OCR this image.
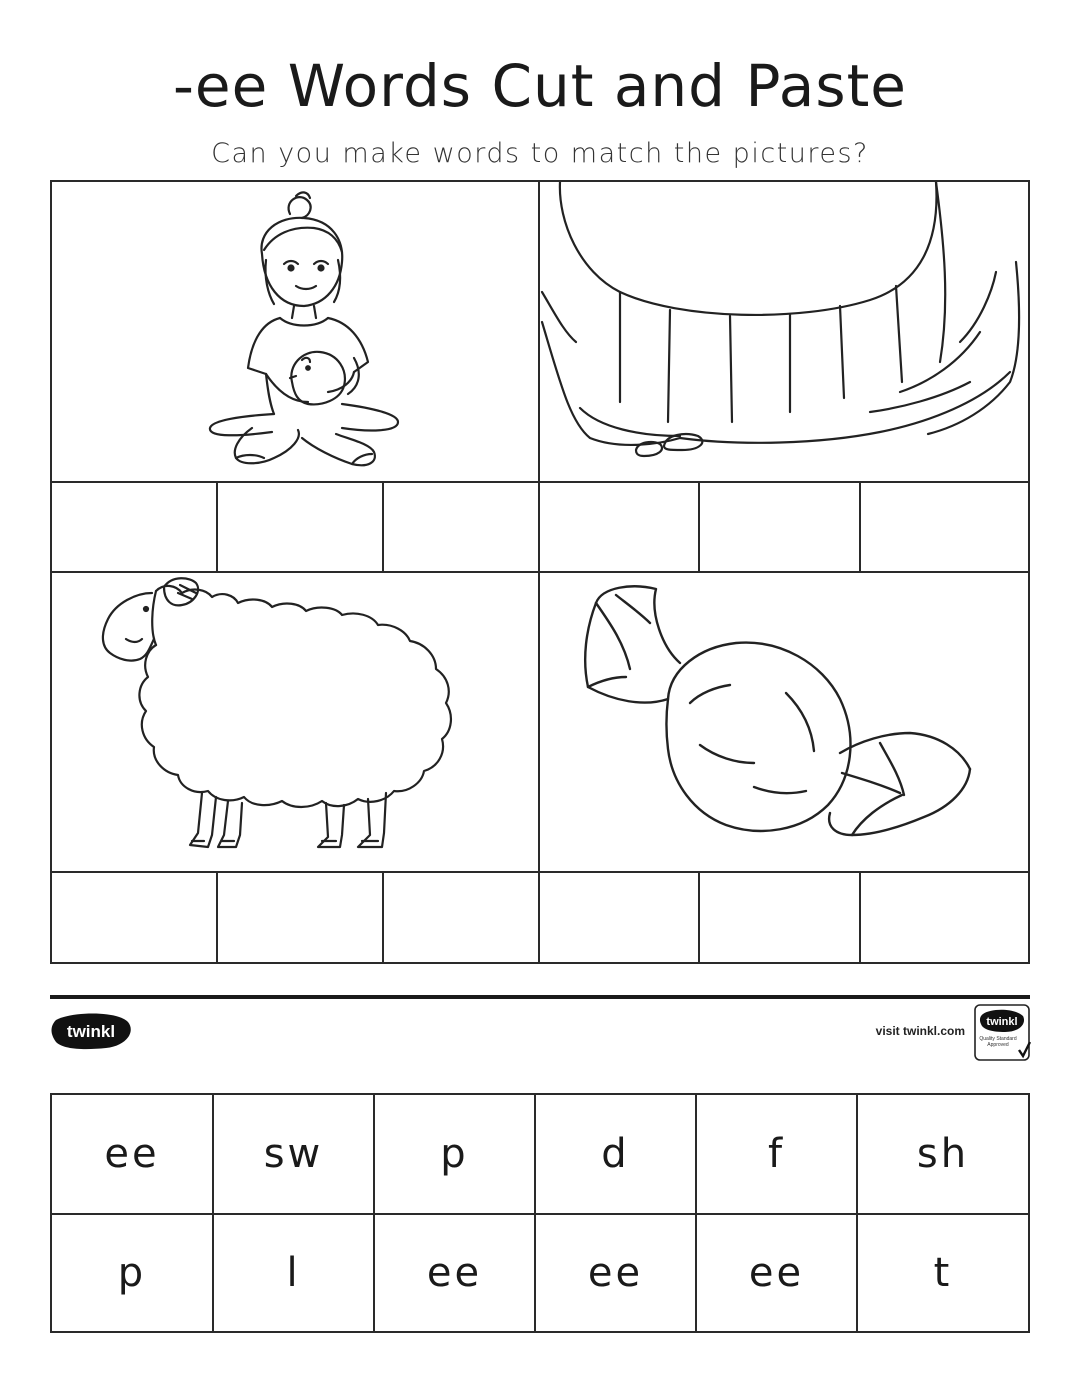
-ee Words Cut and Paste
Can you make words to match the pictures?
twinkl	visit twinkl.com
twinkl
Quality Standard Approved
ee	sw	p	d	f	sh
p	l	ee	ee	ee	t
